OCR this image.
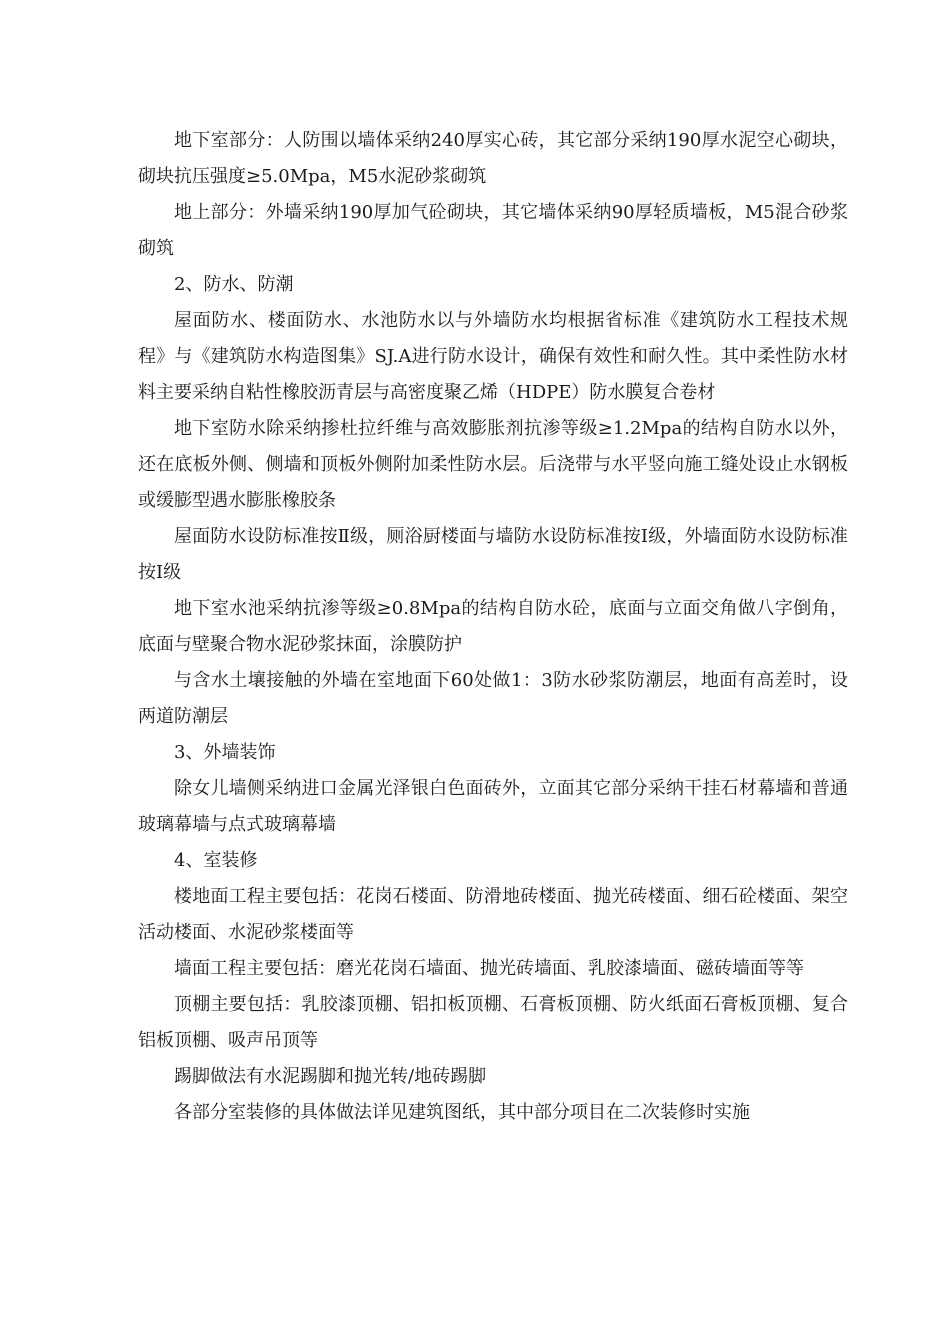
地下室部分：人防围以墙体采纳240厚实心砖，其它部分采纳190厚水泥空心砌块，砌块抗压强度≥5.0Mpa，M5水泥砂浆砌筑

地上部分：外墙采纳190厚加气砼砌块，其它墙体采纳90厚轻质墙板，M5混合砂浆砌筑

2、防水、防潮

屋面防水、楼面防水、水池防水以与外墙防水均根据省标准《建筑防水工程技术规程》与《建筑防水构造图集》SJ.A进行防水设计，确保有效性和耐久性。其中柔性防水材料主要采纳自粘性橡胶沥青层与高密度聚乙烯（HDPE）防水膜复合卷材

地下室防水除采纳掺杜拉纤维与高效膨胀剂抗渗等级≥1.2Mpa的结构自防水以外，还在底板外侧、侧墙和顶板外侧附加柔性防水层。后浇带与水平竖向施工缝处设止水钢板或缓膨型遇水膨胀橡胶条

屋面防水设防标准按Ⅱ级，厕浴厨楼面与墙防水设防标准按Ⅰ级，外墙面防水设防标准按Ⅰ级

地下室水池采纳抗渗等级≥0.8Mpa的结构自防水砼，底面与立面交角做八字倒角，底面与壁聚合物水泥砂浆抹面，涂膜防护

与含水土壤接触的外墙在室地面下60处做1：3防水砂浆防潮层，地面有高差时，设两道防潮层

3、外墙装饰

除女儿墙侧采纳进口金属光泽银白色面砖外，立面其它部分采纳干挂石材幕墙和普通玻璃幕墙与点式玻璃幕墙

4、室装修

楼地面工程主要包括：花岗石楼面、防滑地砖楼面、抛光砖楼面、细石砼楼面、架空活动楼面、水泥砂浆楼面等

墙面工程主要包括：磨光花岗石墙面、抛光砖墙面、乳胶漆墙面、磁砖墙面等等

顶棚主要包括：乳胶漆顶棚、铝扣板顶棚、石膏板顶棚、防火纸面石膏板顶棚、复合铝板顶棚、吸声吊顶等

踢脚做法有水泥踢脚和抛光转/地砖踢脚

各部分室装修的具体做法详见建筑图纸，其中部分项目在二次装修时实施
